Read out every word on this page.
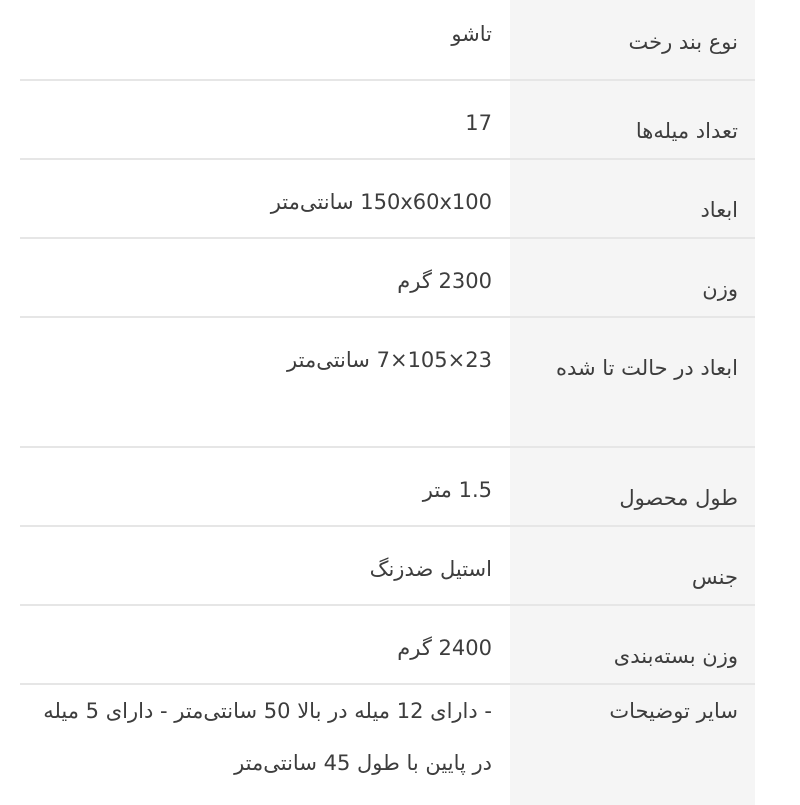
نوع بند رخت
تاشو
تعداد میله‌ها
17
ابعاد
150x60x100 سانتی‌متر
وزن
2300 گرم
ابعاد در حالت تا شده
23×105×7 سانتی‌متر
طول محصول
1.5 متر
جنس
استیل ضدزنگ
وزن بسته‌بندی
2400 گرم
سایر توضیحات
- دارای 12 میله در بالا 50 سانتی‌متر - دارای 5 میله در پایین با طول 45 سانتی‌متر
